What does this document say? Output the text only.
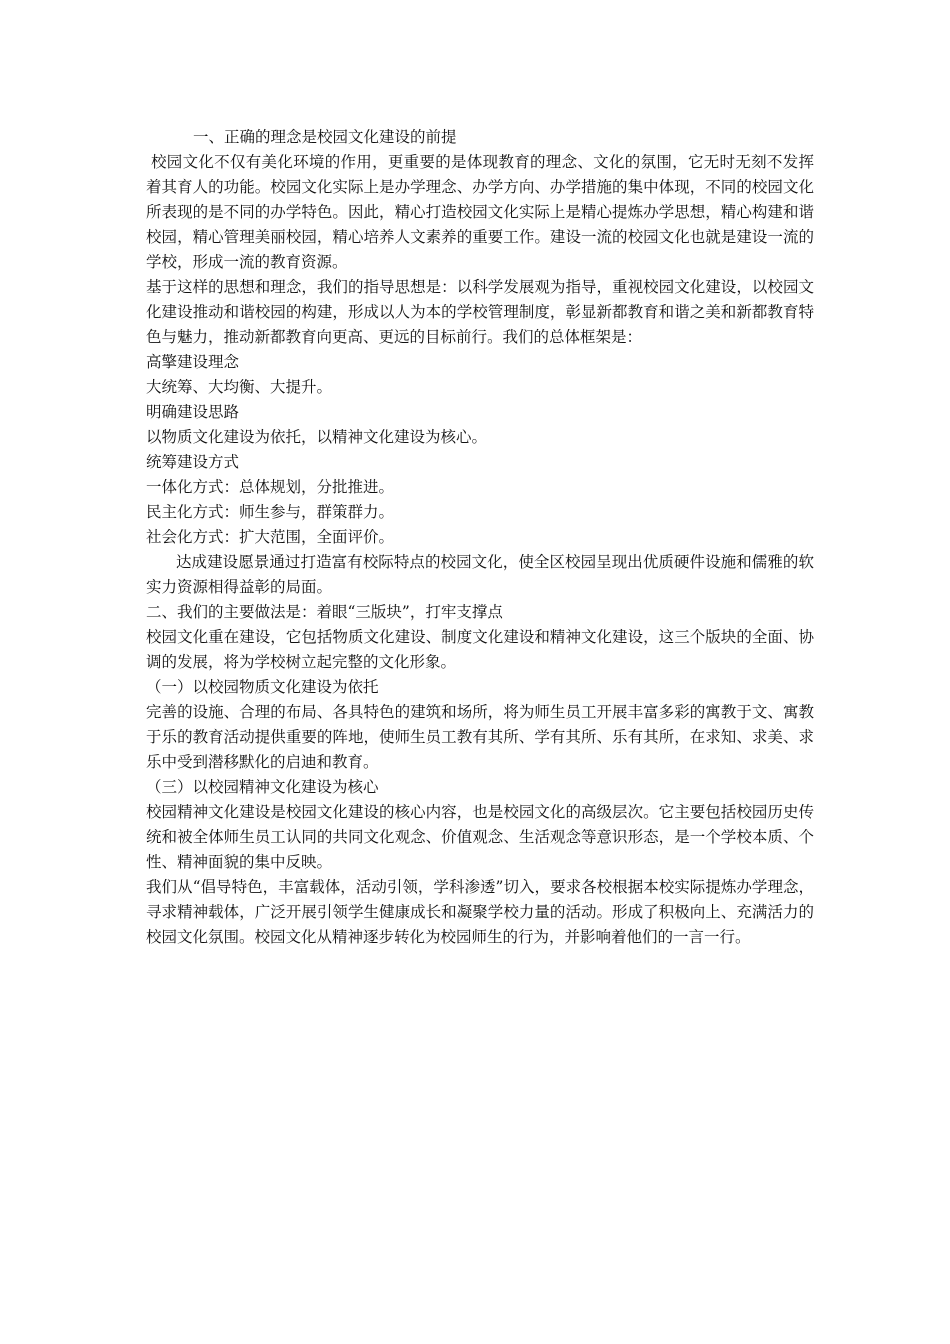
一、正确的理念是校园文化建设的前提

校园文化不仅有美化环境的作用，更重要的是体现教育的理念、文化的氛围，它无时无刻不发挥着其育人的功能。校园文化实际上是办学理念、办学方向、办学措施的集中体现，不同的校园文化所表现的是不同的办学特色。因此，精心打造校园文化实际上是精心提炼办学思想，精心构建和谐校园，精心管理美丽校园，精心培养人文素养的重要工作。建设一流的校园文化也就是建设一流的学校，形成一流的教育资源。

基于这样的思想和理念，我们的指导思想是：以科学发展观为指导，重视校园文化建设，以校园文化建设推动和谐校园的构建，形成以人为本的学校管理制度，彰显新都教育和谐之美和新都教育特色与魅力，推动新都教育向更高、更远的目标前行。我们的总体框架是：

高擎建设理念

大统筹、大均衡、大提升。

明确建设思路

以物质文化建设为依托，以精神文化建设为核心。

统筹建设方式

一体化方式：总体规划，分批推进。

民主化方式：师生参与，群策群力。

社会化方式：扩大范围，全面评价。

达成建设愿景通过打造富有校际特点的校园文化，使全区校园呈现出优质硬件设施和儒雅的软实力资源相得益彰的局面。

二、我们的主要做法是：着眼“三版块”，打牢支撑点

校园文化重在建设，它包括物质文化建设、制度文化建设和精神文化建设，这三个版块的全面、协调的发展，将为学校树立起完整的文化形象。

（一）以校园物质文化建设为依托

完善的设施、合理的布局、各具特色的建筑和场所，将为师生员工开展丰富多彩的寓教于文、寓教于乐的教育活动提供重要的阵地，使师生员工教有其所、学有其所、乐有其所，在求知、求美、求乐中受到潜移默化的启迪和教育。

（三）以校园精神文化建设为核心

校园精神文化建设是校园文化建设的核心内容，也是校园文化的高级层次。它主要包括校园历史传统和被全体师生员工认同的共同文化观念、价值观念、生活观念等意识形态，是一个学校本质、个性、精神面貌的集中反映。

我们从“倡导特色，丰富载体，活动引领，学科渗透”切入，要求各校根据本校实际提炼办学理念，寻求精神载体，广泛开展引领学生健康成长和凝聚学校力量的活动。形成了积极向上、充满活力的校园文化氛围。校园文化从精神逐步转化为校园师生的行为，并影响着他们的一言一行。
